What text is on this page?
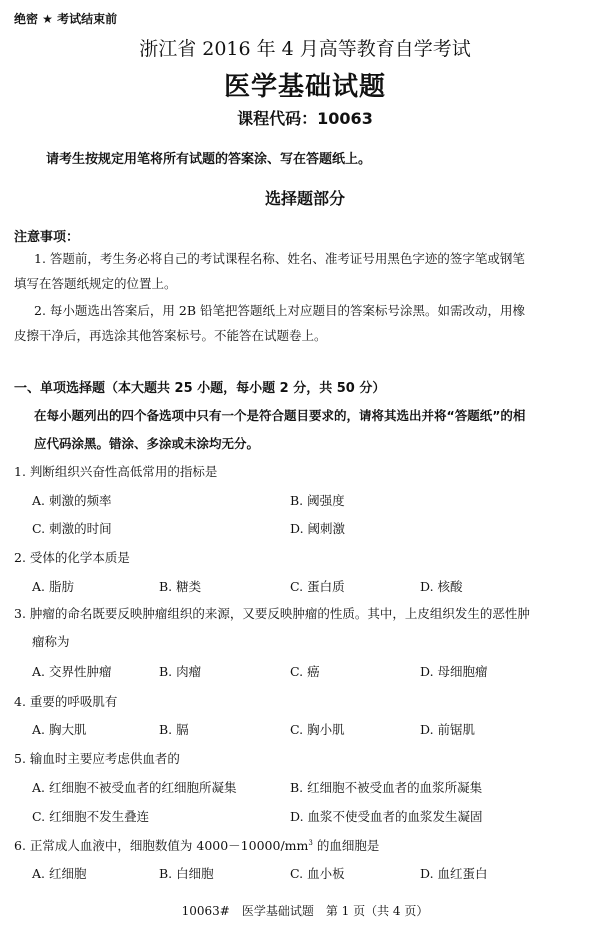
绝密 ★ 考试结束前
浙江省 2016 年 4 月高等教育自学考试
医学基础试题
课程代码：10063
请考生按规定用笔将所有试题的答案涂、写在答题纸上。
选择题部分
注意事项：
1. 答题前，考生务必将自己的考试课程名称、姓名、准考证号用黑色字迹的签字笔或钢笔
填写在答题纸规定的位置上。
2. 每小题选出答案后，用 2B 铅笔把答题纸上对应题目的答案标号涂黑。如需改动，用橡
皮擦干净后，再选涂其他答案标号。不能答在试题卷上。
一、单项选择题（本大题共 25 小题，每小题 2 分，共 50 分）
在每小题列出的四个备选项中只有一个是符合题目要求的，请将其选出并将“答题纸”的相
应代码涂黑。错涂、多涂或未涂均无分。
1. 判断组织兴奋性高低常用的指标是
A. 刺激的频率	B. 阈强度
C. 刺激的时间	D. 阈刺激
2. 受体的化学本质是
A. 脂肪	B. 糖类	C. 蛋白质	D. 核酸
3. 肿瘤的命名既要反映肿瘤组织的来源，又要反映肿瘤的性质。其中，上皮组织发生的恶性肿
瘤称为
A. 交界性肿瘤	B. 肉瘤	C. 癌	D. 母细胞瘤
4. 重要的呼吸肌有
A. 胸大肌	B. 膈	C. 胸小肌	D. 前锯肌
5. 输血时主要应考虑供血者的
A. 红细胞不被受血者的红细胞所凝集	B. 红细胞不被受血者的血浆所凝集
C. 红细胞不发生叠连	D. 血浆不使受血者的血浆发生凝固
6. 正常成人血液中，细胞数值为 $4000-10000/mm^3$ 的血细胞是
A. 红细胞	B. 白细胞	C. 血小板	D. 血红蛋白
10063#　医学基础试题　第 1 页（共 4 页）
